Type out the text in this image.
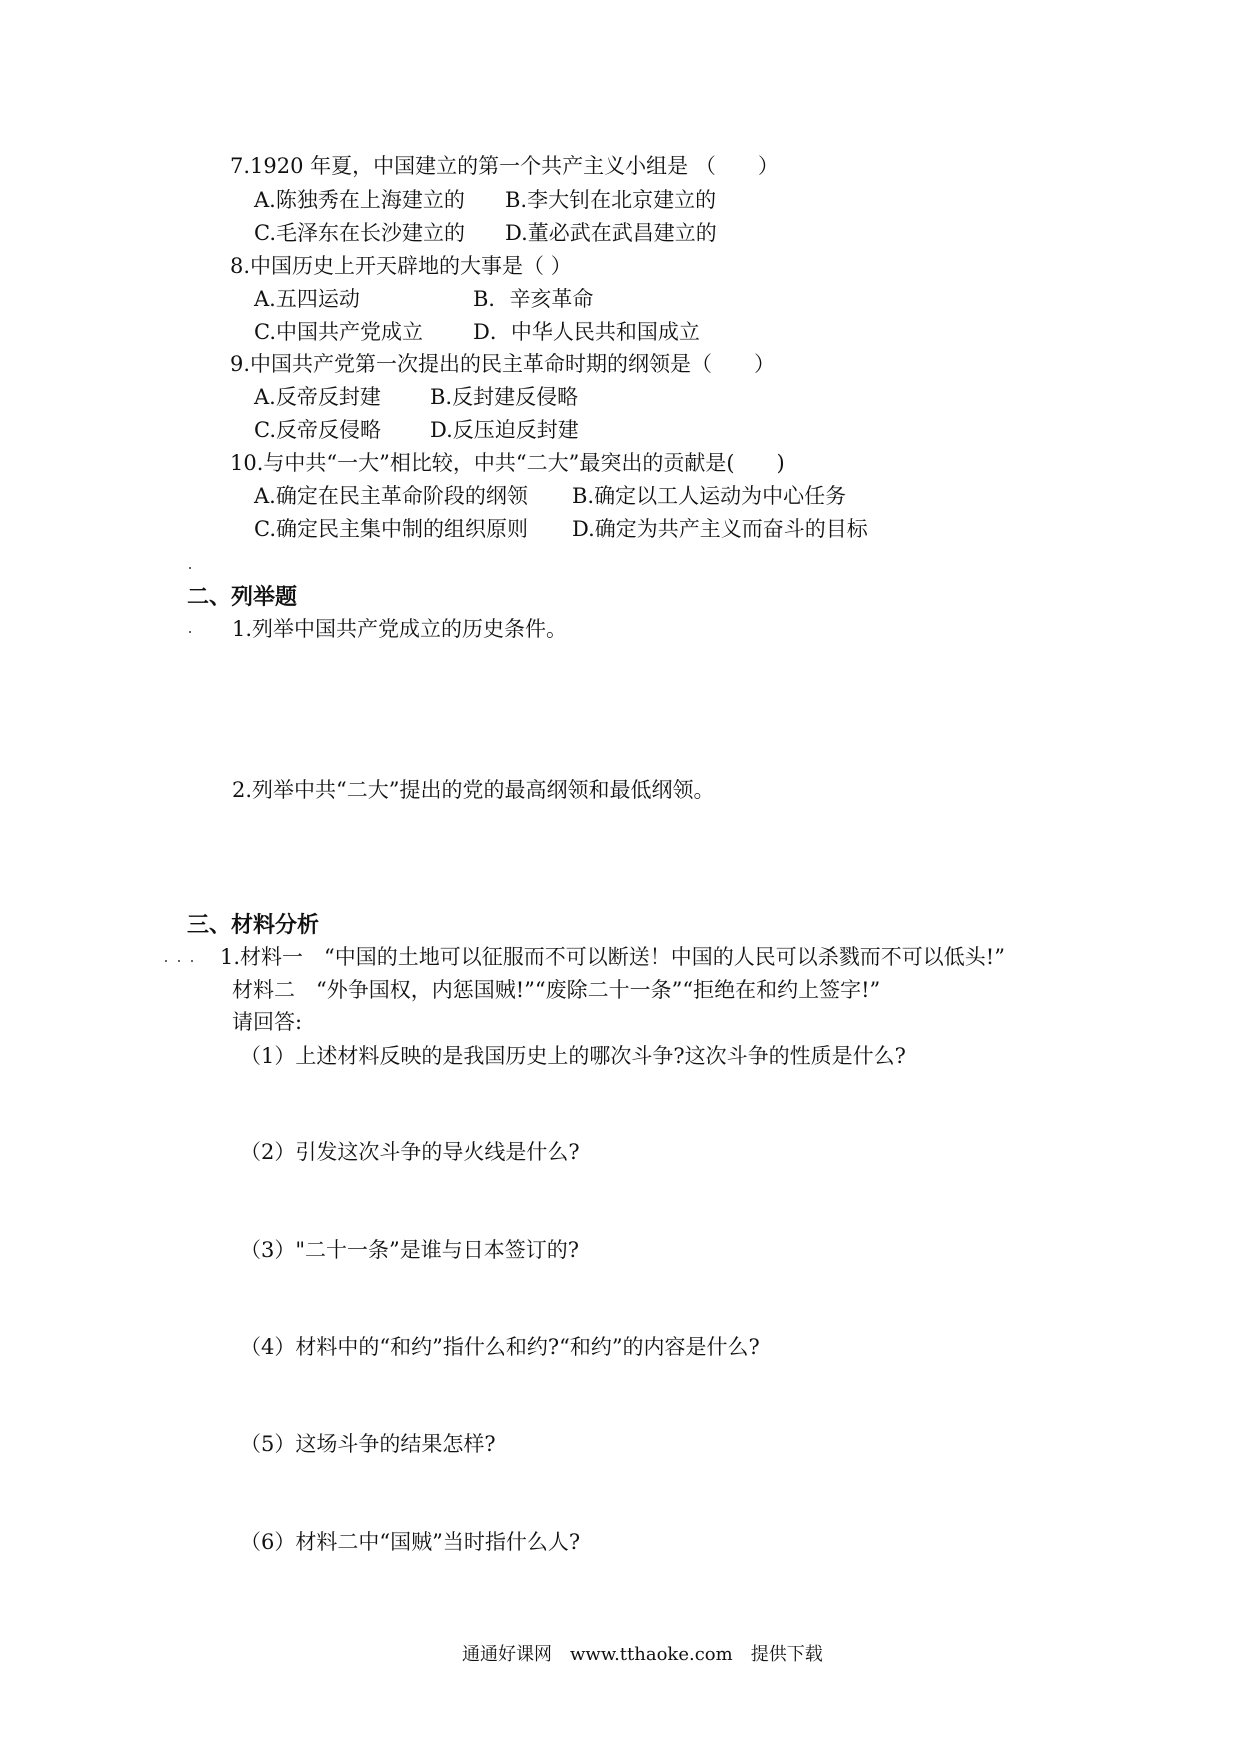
7.1920 年夏，中国建立的第一个共产主义小组是 （　　）
A.陈独秀在上海建立的 B.李大钊在北京建立的
C.毛泽东在长沙建立的 D.董必武在武昌建立的
8.中国历史上开天辟地的大事是（ ）
A.五四运动	B．辛亥革命
C.中国共产党成立 D．中华人民共和国成立
9.中国共产党第一次提出的民主革命时期的纲领是（　　）
A.反帝反封建 B.反封建反侵略
C.反帝反侵略 D.反压迫反封建
10.与中共“一大”相比较，中共“二大”最突出的贡献是(　　)
A.确定在民主革命阶段的纲领 B.确定以工人运动为中心任务
C.确定民主集中制的组织原则 D.确定为共产主义而奋斗的目标
二、列举题
1.列举中国共产党成立的历史条件。
2.列举中共“二大”提出的党的最高纲领和最低纲领。
三、材料分析
1.材料一　“中国的土地可以征服而不可以断送！中国的人民可以杀戮而不可以低头!”
材料二　“外争国权，内惩国贼!”“废除二十一条”“拒绝在和约上签字!”
请回答:
（1）上述材料反映的是我国历史上的哪次斗争?这次斗争的性质是什么?
（2）引发这次斗争的导火线是什么?
（3）"二十一条”是谁与日本签订的?
（4）材料中的“和约”指什么和约?“和约”的内容是什么?
（5）这场斗争的结果怎样?
（6）材料二中“国贼”当时指什么人?
通通好课网　www.tthaoke.com　提供下载
